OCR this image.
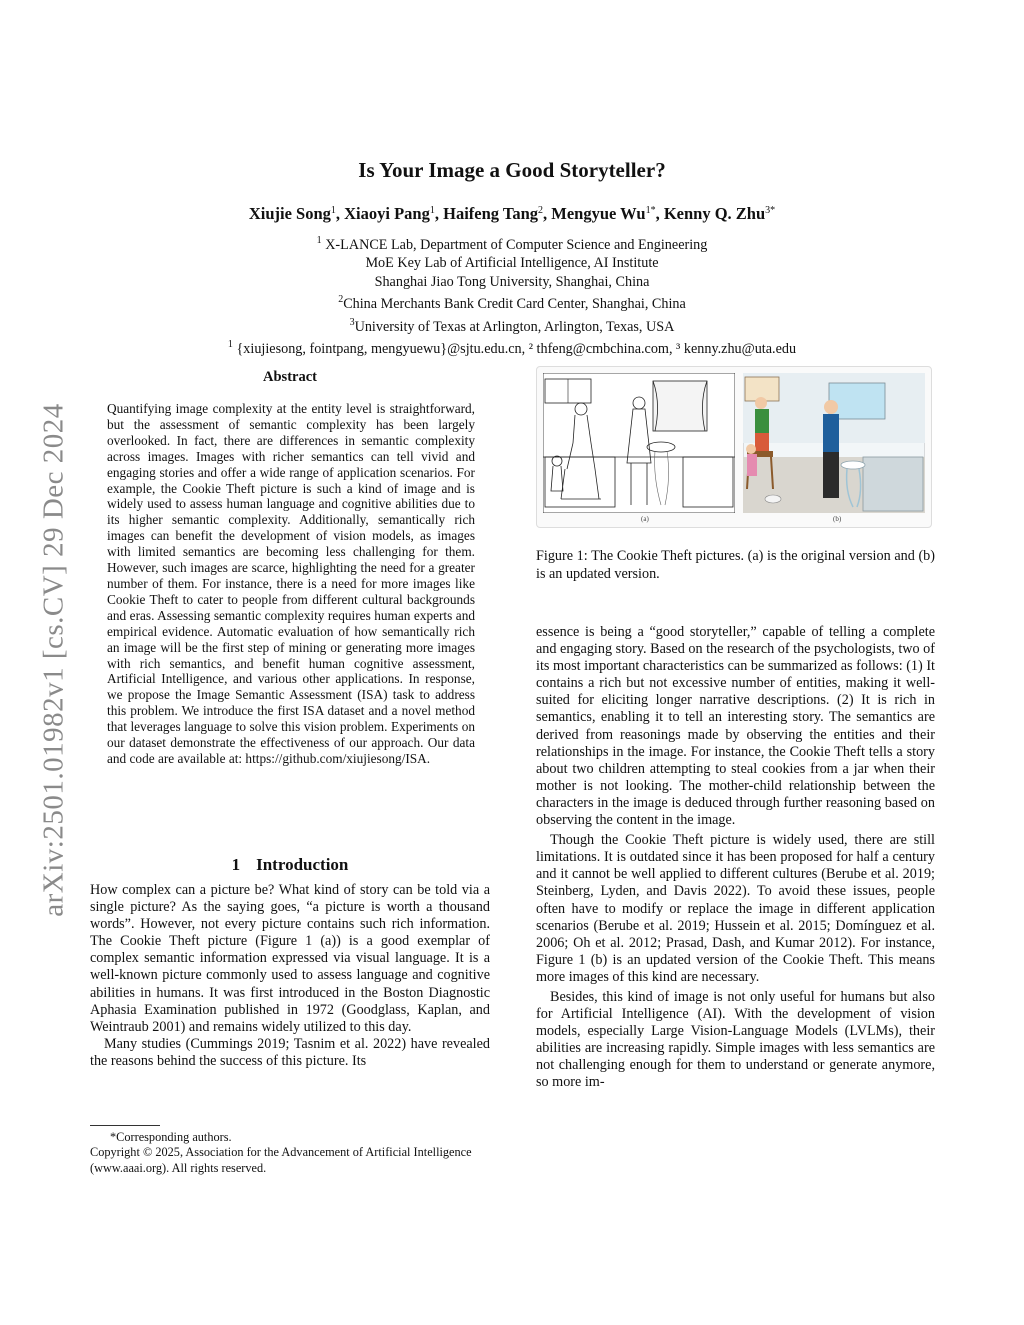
arXiv:2501.01982v1 [cs.CV] 29 Dec 2024
Is Your Image a Good Storyteller?
Xiujie Song$^1$, Xiaoyi Pang$^1$, Haifeng Tang$^2$, Mengyue $Wu^{1*}$, Kenny Q. Zhu$^{3*}$
$^1$ X-LANCE Lab, Department of Computer Science and Engineering
MoE Key Lab of Artificial Intelligence, AI Institute
Shanghai Jiao Tong University, Shanghai, China
$^2$China Merchants Bank Credit Card Center, Shanghai, China
$^3$University of Texas at Arlington, Arlington, Texas, USA
$^1$ {xiujiesong, fointpang, mengyuewu}@sjtu.edu.cn, ² thfeng@cmbchina.com, ³ kenny.zhu@uta.edu
Abstract
Quantifying image complexity at the entity level is straightforward, but the assessment of semantic complexity has been largely overlooked. In fact, there are differences in semantic complexity across images. Images with richer semantics can tell vivid and engaging stories and offer a wide range of application scenarios. For example, the Cookie Theft picture is such a kind of image and is widely used to assess human language and cognitive abilities due to its higher semantic complexity. Additionally, semantically rich images can benefit the development of vision models, as images with limited semantics are becoming less challenging for them. However, such images are scarce, highlighting the need for a greater number of them. For instance, there is a need for more images like Cookie Theft to cater to people from different cultural backgrounds and eras. Assessing semantic complexity requires human experts and empirical evidence. Automatic evaluation of how semantically rich an image will be the first step of mining or generating more images with rich semantics, and benefit human cognitive assessment, Artificial Intelligence, and various other applications. In response, we propose the Image Semantic Assessment (ISA) task to address this problem. We introduce the first ISA dataset and a novel method that leverages language to solve this vision problem. Experiments on our dataset demonstrate the effectiveness of our approach. Our data and code are available at: https://github.com/xiujiesong/ISA.
1 Introduction

How complex can a picture be? What kind of story can be told via a single picture? As the saying goes, “a picture is worth a thousand words”. However, not every picture contains such rich information. The Cookie Theft picture (Figure 1 (a)) is a good exemplar of complex semantic information expressed via visual language. It is a well-known picture commonly used to assess language and cognitive abilities in humans. It was first introduced in the Boston Diagnostic Aphasia Examination published in 1972 (Goodglass, Kaplan, and Weintraub 2001) and remains widely utilized to this day.

Many studies (Cummings 2019; Tasnim et al. 2022) have revealed the reasons behind the success of this picture. Its

*Corresponding authors.
Copyright © 2025, Association for the Advancement of Artificial Intelligence (www.aaai.org). All rights reserved.
(a)	(b)
Figure 1: The Cookie Theft pictures. (a) is the original version and (b) is an updated version.

essence is being a “good storyteller,” capable of telling a complete and engaging story. Based on the research of the psychologists, two of its most important characteristics can be summarized as follows: (1) It contains a rich but not excessive number of entities, making it well-suited for eliciting longer narrative descriptions. (2) It is rich in semantics, enabling it to tell an interesting story. The semantics are derived from reasonings made by observing the entities and their relationships in the image. For instance, the Cookie Theft tells a story about two children attempting to steal cookies from a jar when their mother is not looking. The mother-child relationship between the characters in the image is deduced through further reasoning based on observing the content in the image.

Though the Cookie Theft picture is widely used, there are still limitations. It is outdated since it has been proposed for half a century and it cannot be well applied to different cultures (Berube et al. 2019; Steinberg, Lyden, and Davis 2022). To avoid these issues, people often have to modify or replace the image in different application scenarios (Berube et al. 2019; Hussein et al. 2015; Domínguez et al. 2006; Oh et al. 2012; Prasad, Dash, and Kumar 2012). For instance, Figure 1 (b) is an updated version of the Cookie Theft. This means more images of this kind are necessary.

Besides, this kind of image is not only useful for humans but also for Artificial Intelligence (AI). With the development of vision models, especially Large Vision-Language Models (LVLMs), their abilities are increasing rapidly. Simple images with less semantics are not challenging enough for them to understand or generate anymore, so more im-
